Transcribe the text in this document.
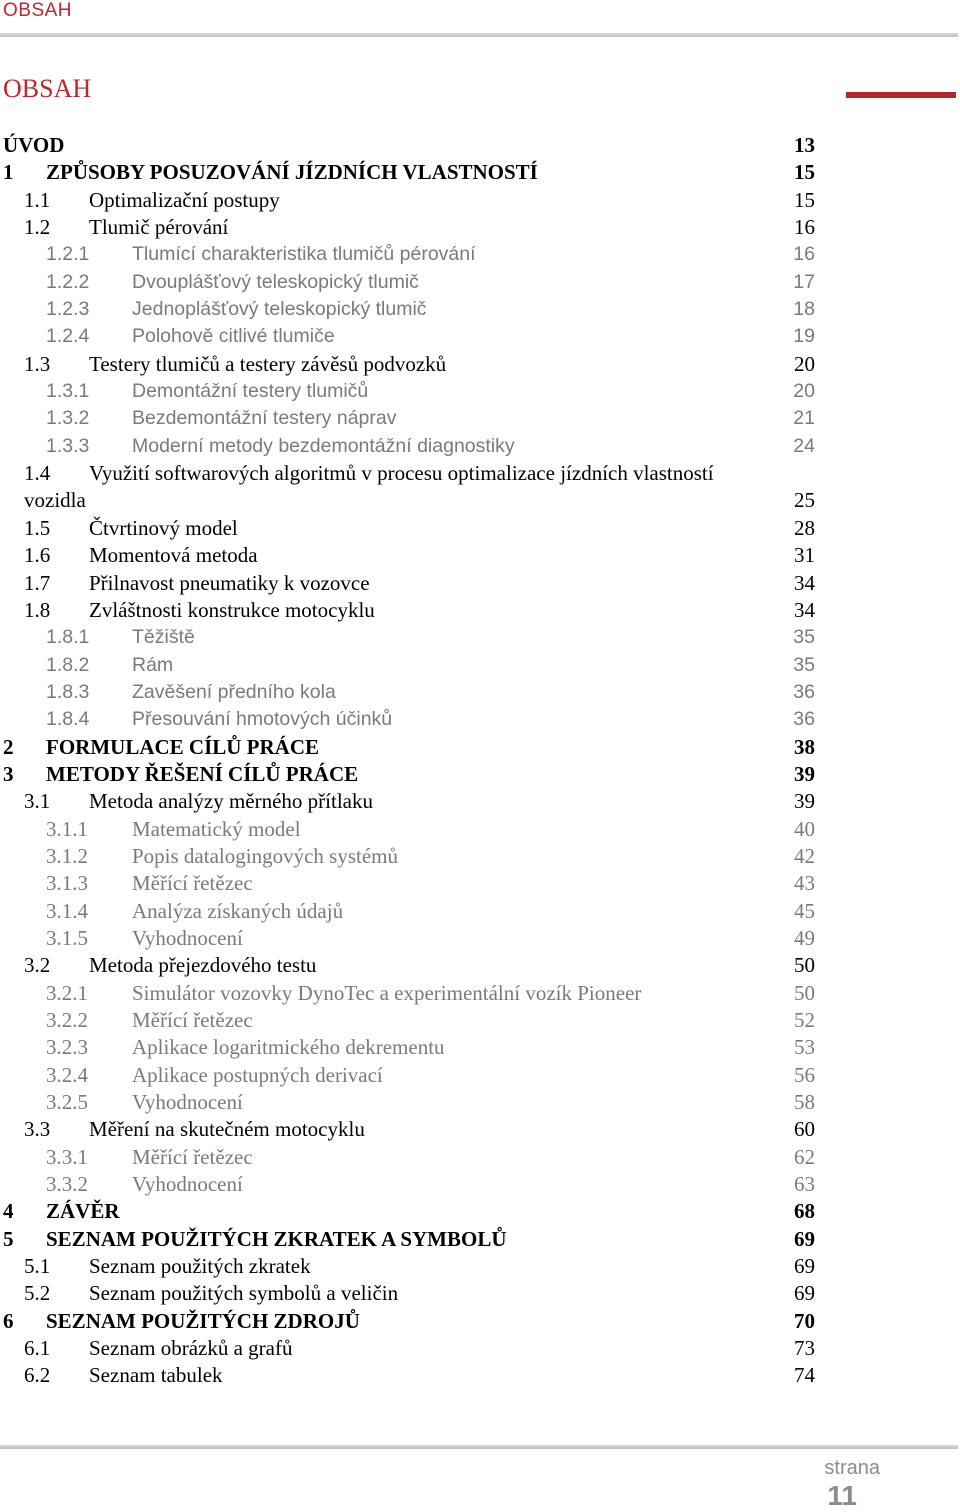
OBSAH
OBSAH
ÚVOD	13
1 ZPŮSOBY POSUZOVÁNÍ JÍZDNÍCH VLASTNOSTÍ	15
1.1 Optimalizační postupy	15
1.2 Tlumič pérování	16
1.2.1 Tlumící charakteristika tlumičů pérování	16
1.2.2 Dvouplášťový teleskopický tlumič	17
1.2.3 Jednoplášťový teleskopický tlumič	18
1.2.4 Polohově citlivé tlumiče	19
1.3 Testery tlumičů a testery závěsů podvozků	20
1.3.1 Demontážní testery tlumičů	20
1.3.2 Bezdemontážní testery náprav	21
1.3.3 Moderní metody bezdemontážní diagnostiky	24
1.4 Využití softwarových algoritmů v procesu optimalizace jízdních vlastností
vozidla	25
1.5 Čtvrtinový model	28
1.6 Momentová metoda	31
1.7 Přilnavost pneumatiky k vozovce	34
1.8 Zvláštnosti konstrukce motocyklu	34
1.8.1 Těžiště	35
1.8.2 Rám	35
1.8.3 Zavěšení předního kola	36
1.8.4 Přesouvání hmotových účinků	36
2 FORMULACE CÍLŮ PRÁCE	38
3 METODY ŘEŠENÍ CÍLŮ PRÁCE	39
3.1 Metoda analýzy měrného přítlaku	39
3.1.1 Matematický model	40
3.1.2 Popis datalogingových systémů	42
3.1.3 Měřící řetězec	43
3.1.4 Analýza získaných údajů	45
3.1.5 Vyhodnocení	49
3.2 Metoda přejezdového testu	50
3.2.1 Simulátor vozovky DynoTec a experimentální vozík Pioneer	50
3.2.2 Měřící řetězec	52
3.2.3 Aplikace logaritmického dekrementu	53
3.2.4 Aplikace postupných derivací	56
3.2.5 Vyhodnocení	58
3.3 Měření na skutečném motocyklu	60
3.3.1 Měřící řetězec	62
3.3.2 Vyhodnocení	63
4 ZÁVĚR	68
5 SEZNAM POUŽITÝCH ZKRATEK A SYMBOLŮ	69
5.1 Seznam použitých zkratek	69
5.2 Seznam použitých symbolů a veličin	69
6 SEZNAM POUŽITÝCH ZDROJŮ	70
6.1 Seznam obrázků a grafů	73
6.2 Seznam tabulek	74
strana
11
